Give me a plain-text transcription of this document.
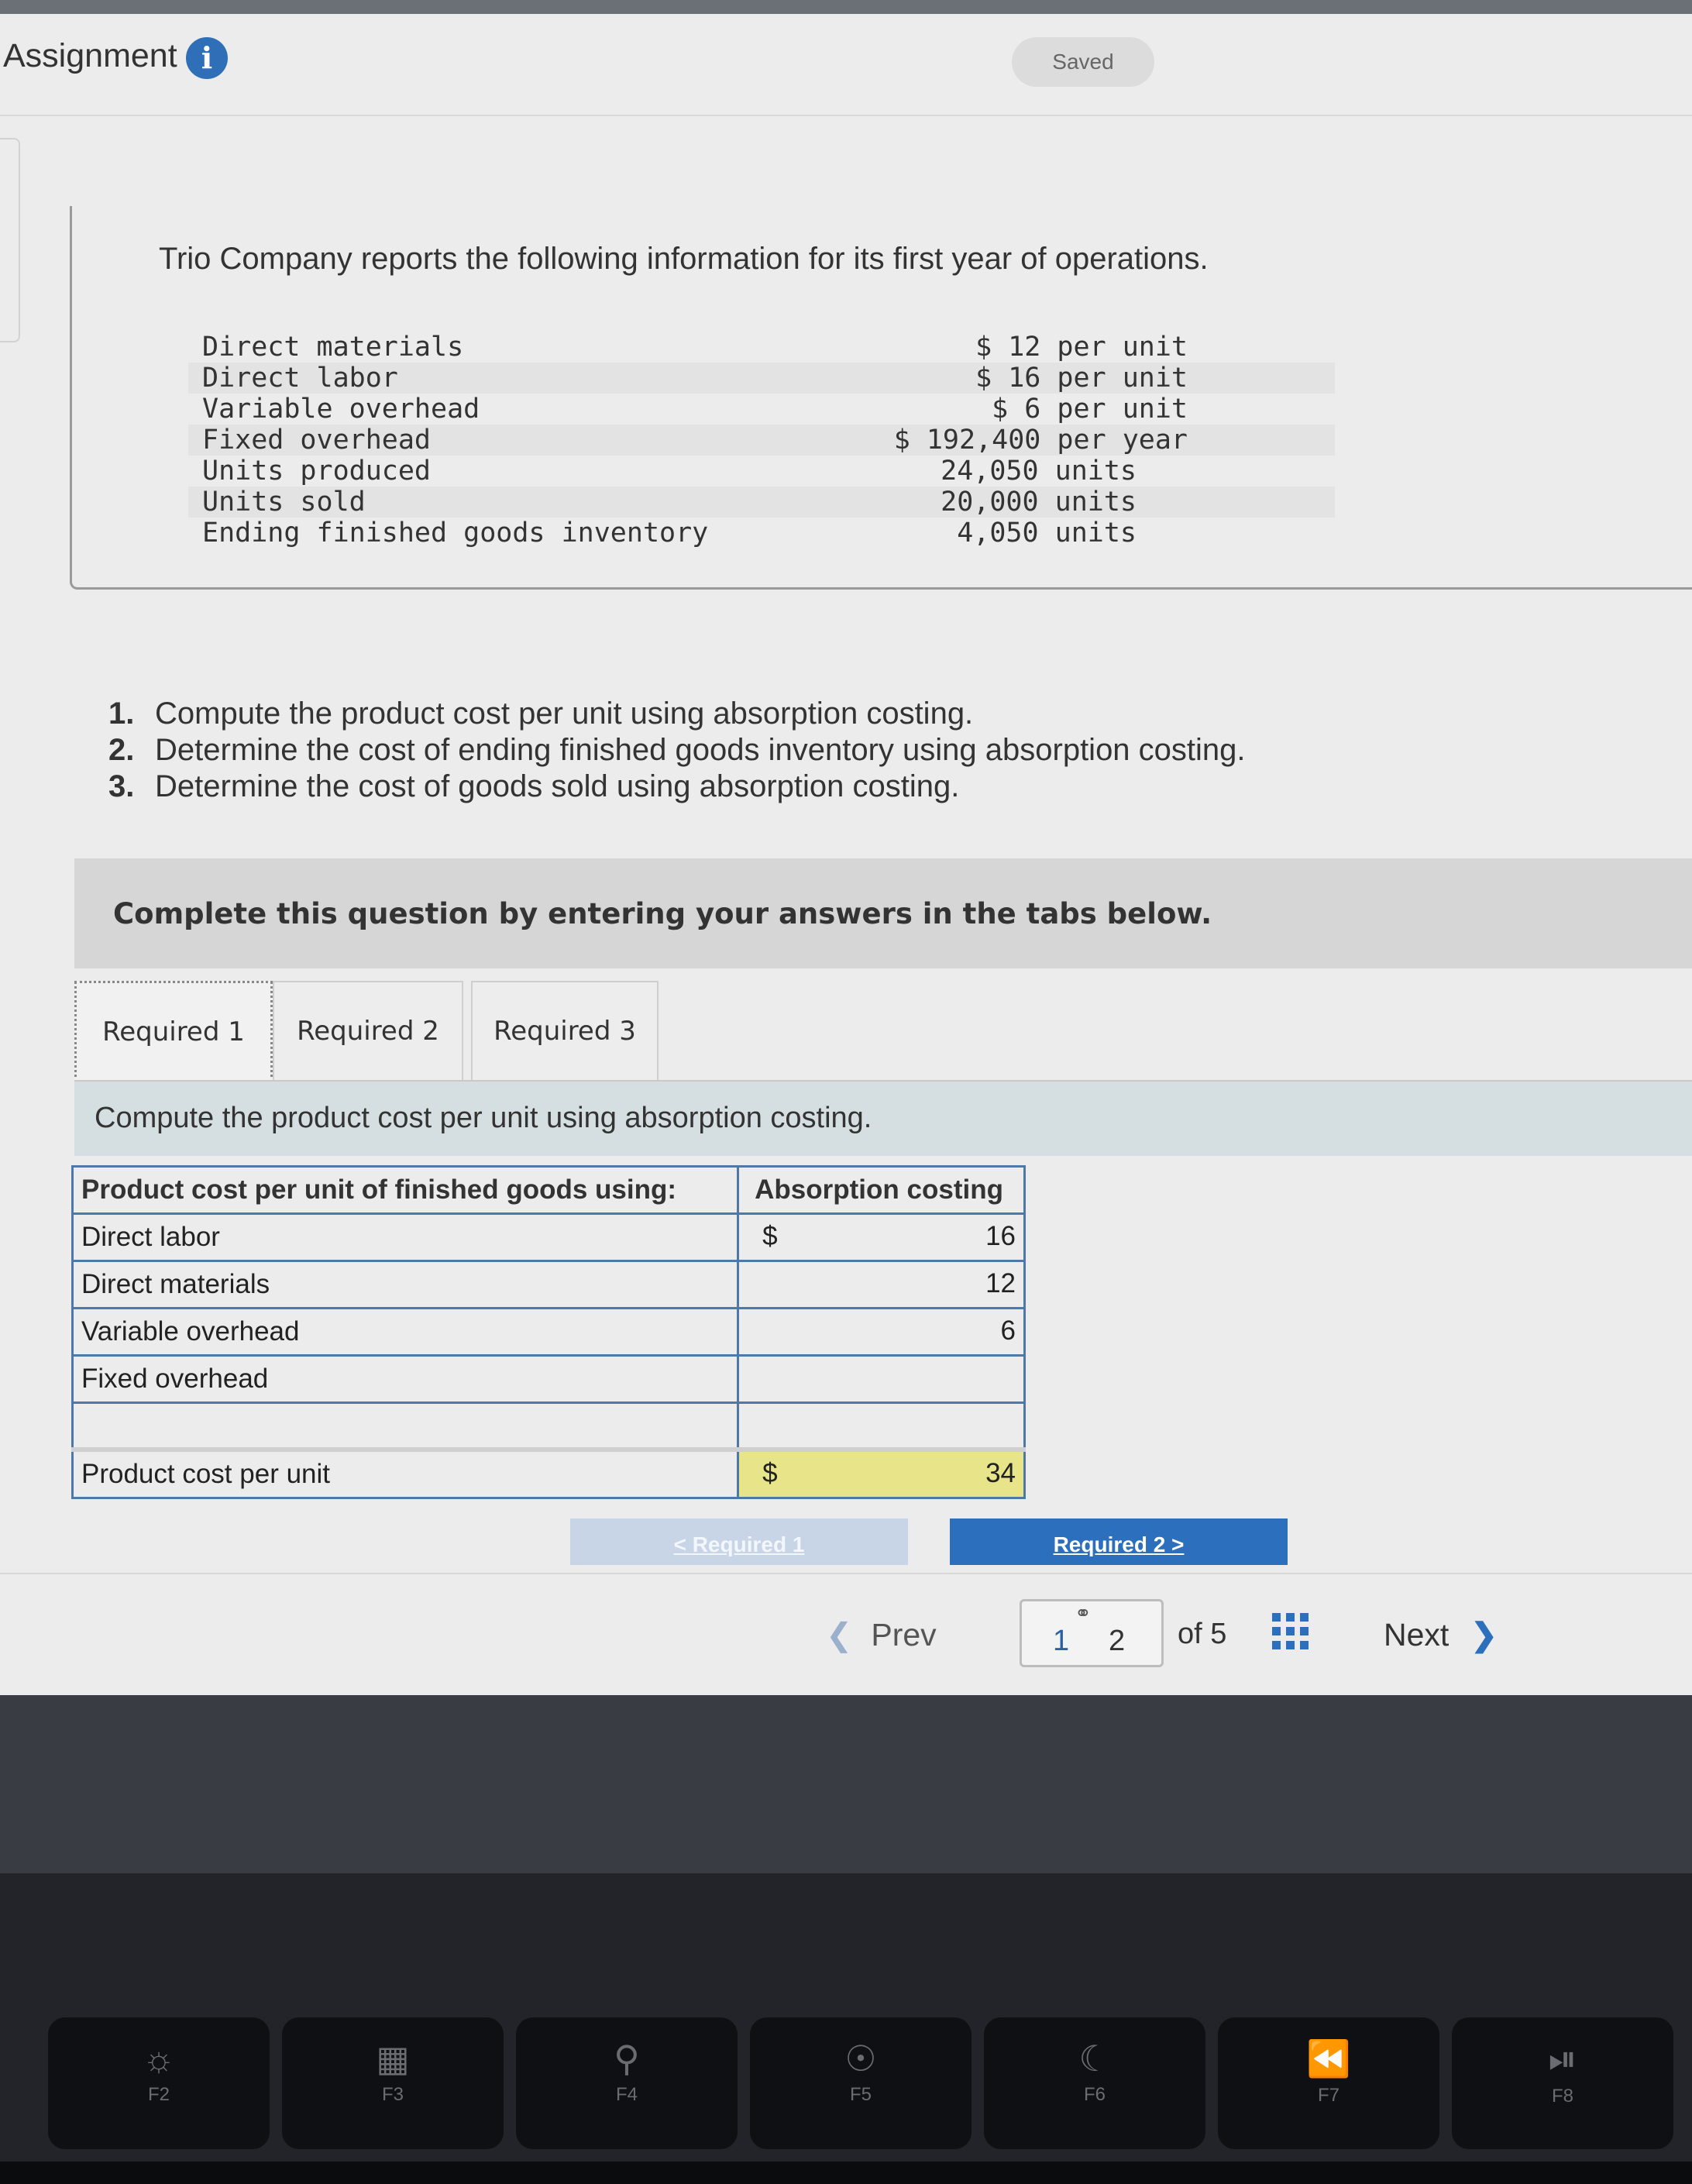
Assignment i	Saved
Trio Company reports the following information for its first year of operations.
Direct materials	$ 12 per unit
Direct labor	$ 16 per unit
Variable overhead	$ 6 per unit
Fixed overhead	$ 192,400 per year
Units produced	24,050 units
Units sold	20,000 units
Ending finished goods inventory	4,050 units
1. Compute the product cost per unit using absorption costing.
2. Determine the cost of ending finished goods inventory using absorption costing.
3. Determine the cost of goods sold using absorption costing.
Complete this question by entering your answers in the tabs below.
Required 1	Required 2	Required 3
Compute the product cost per unit using absorption costing.
Product cost per unit of finished goods using:	Absorption costing
Direct labor	$ 16

Direct materials	12

Variable overhead	6

Fixed overhead	

Product cost per unit	$ 34
< Required 1	Required 2 >
❮ Prev
⚭
1 2 of 5	Next ❯
☼
F2
▦
F3
⚲
F4
☉
F5
☾
F6
⏪
F7
⏯
F8
